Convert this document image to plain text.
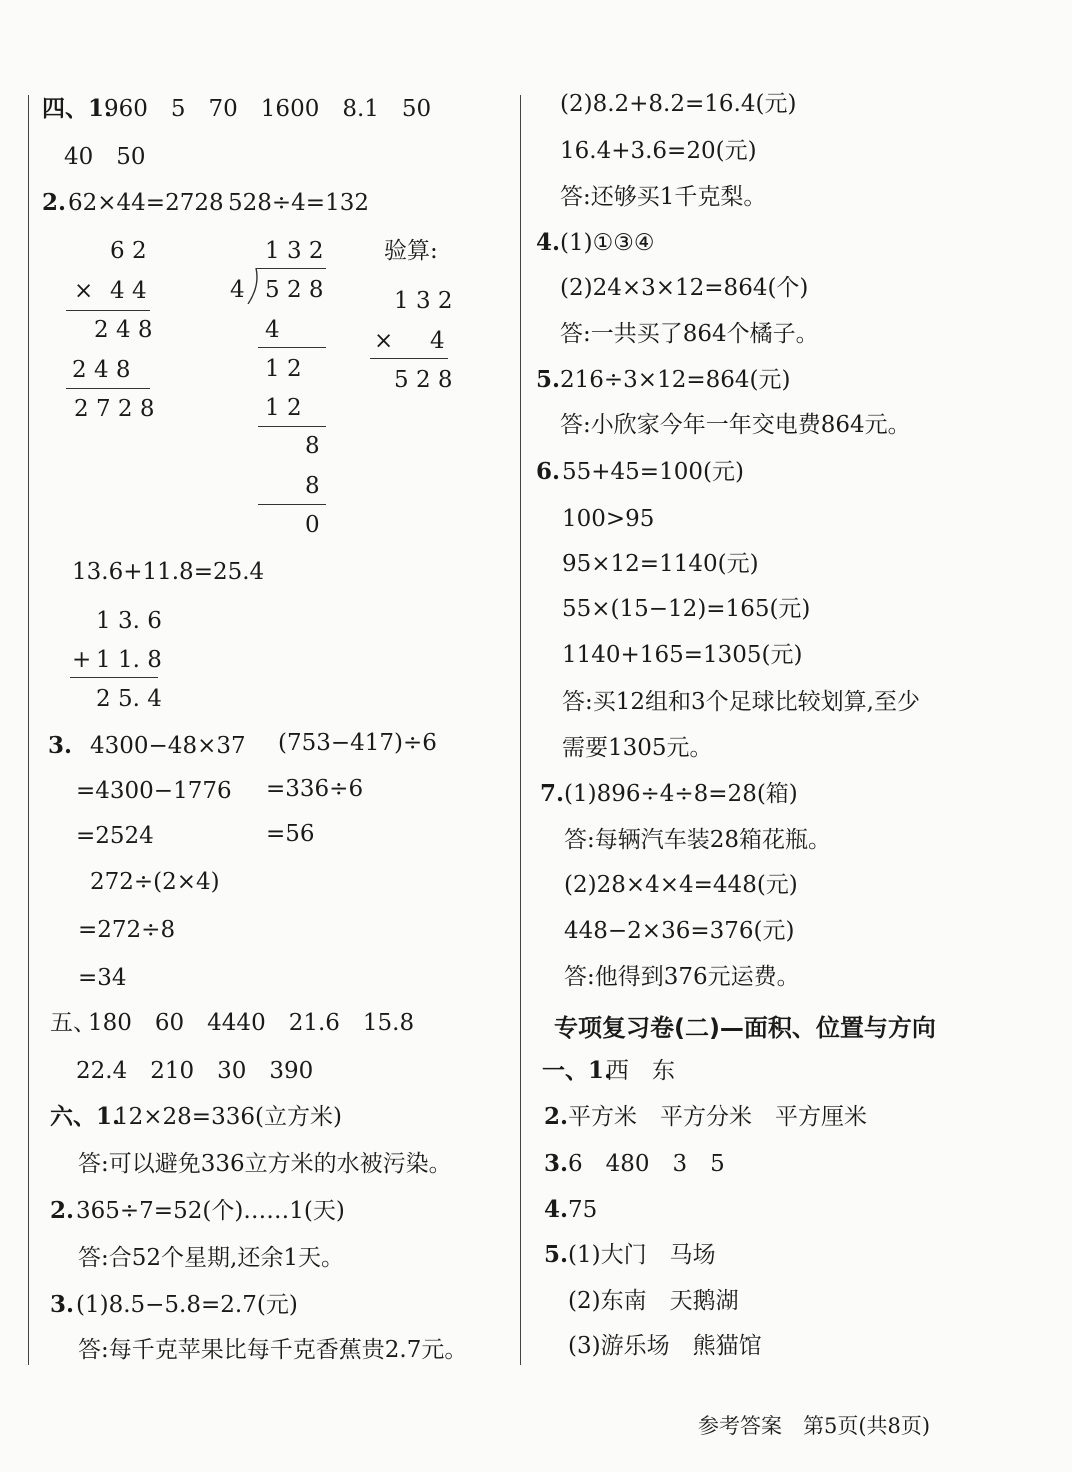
四、1.
960　5　70　1600　8.1　50
40　50
2. 62×44=2728 528÷4=132
6 2
× 4 4
2 4 8
2 4 8
2 7 2 8
1 3 2
4 5 2 8
4
1 2
1 2
8
8
0
验算:
1 3 2
× 4
5 2 8
13.6+11.8=25.4
1 3. 6
+ 1 1. 8
2 5. 4
3. 4300−48×37
=4300−1776
=2524
(753−417)÷6
=336÷6
=56
272÷(2×4)
=272÷8
=34
五、
180　60　4440　21.6　15.8
22.4　210　30　390
六、1.
12×28=336(立方米)
答:可以避免336立方米的水被污染。
2. 365÷7=52(个)……1(天)
答:合52个星期,还余1天。
3. (1)8.5−5.8=2.7(元)
答:每千克苹果比每千克香蕉贵2.7元。
(2)8.2+8.2=16.4(元)
16.4+3.6=20(元)
答:还够买1千克梨。
4. (1)①③④
(2)24×3×12=864(个)
答:一共买了864个橘子。
5. 216÷3×12=864(元)
答:小欣家今年一年交电费864元。
6. 55+45=100(元)
100>95
95×12=1140(元)
55×(15−12)=165(元)
1140+165=1305(元)
答:买12组和3个足球比较划算,至少
需要1305元。
7. (1)896÷4÷8=28(箱)
答:每辆汽车装28箱花瓶。
(2)28×4×4=448(元)
448−2×36=376(元)
答:他得到376元运费。
专项复习卷(二)—面积、位置与方向
一、1.
西　东
2. 平方米　平方分米　平方厘米
3. 6　480　3　5
4. 75
5. (1)大门　马场
(2)东南　天鹅湖
(3)游乐场　熊猫馆
参考答案　第5页(共8页)
